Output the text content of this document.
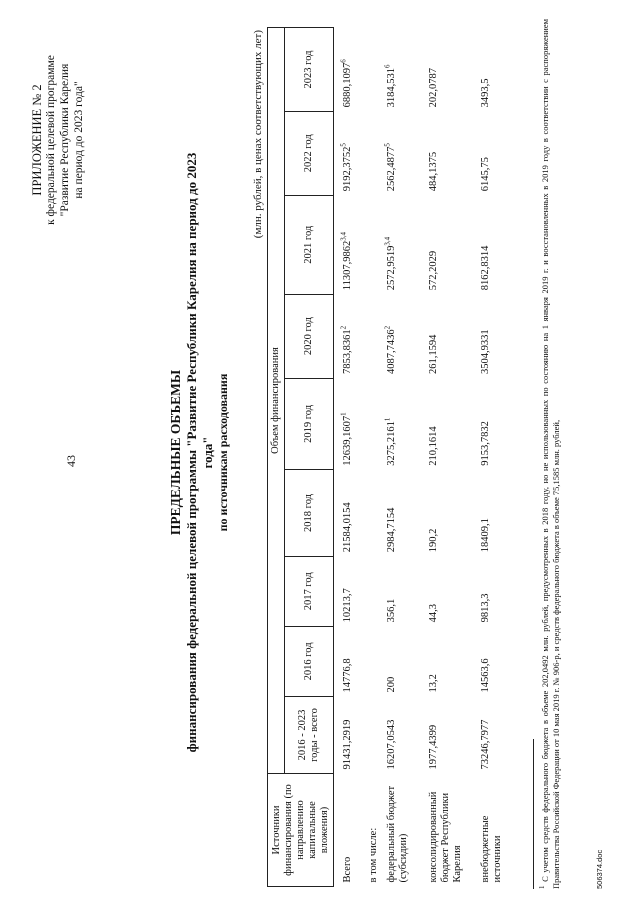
43
ПРИЛОЖЕНИЕ № 2 к федеральной целевой программе "Развитие Республики Карелия на период до 2023 года"
ПРЕДЕЛЬНЫЕ ОБЪЕМЫ финансирования федеральной целевой программы "Развитие Республики Карелия на период до 2023 года" по источникам расходования
(млн. рублей, в ценах соответствующих лет)
Источники финансирования (по направлению капитальные вложения)	Объем финансирования								
	2016 - 2023 годы - всего	2016 год	2017 год	2018 год	2019 год	2020 год	2021 год	2022 год	2023 год
Всего	91431,2919	14776,8	10213,7	21584,0154	12639,1607$^1$	7853,8361$^2$	11307,9862$^{3,4}$	9192,3752$^5$	6880,1097$^6$
в том числе:									
федеральный бюджет (субсидии)	16207,0543	200	356,1	2984,7154	3275,2161$^1$	4087,7436$^2$	2572,9519$^{3,4}$	2562,4877$^5$	3184,531$^6$
консолидированный бюджет Республики Карелия	1977,4399	13,2	44,3	190,2	210,1614	261,1594	572,2029	484,1375	202,0787
внебюджетные источники	73246,7977	14563,6	9813,3	18409,1	9153,7832	3504,9331	8162,8314	6145,75	3493,5
$^1$ С учетом средств федерального бюджета в объеме 202,0492 млн. рублей, предусмотренных в 2018 году, но не использованных по состоянию на 1 января 2019 г. и восстановленных в 2019 году в соответствии с распоряжением Правительства Российской Федерации от 10 мая 2019 г. № 906-р, и средств федерального бюджета в объеме 75,1585 млн. рублей,	506374.doc
